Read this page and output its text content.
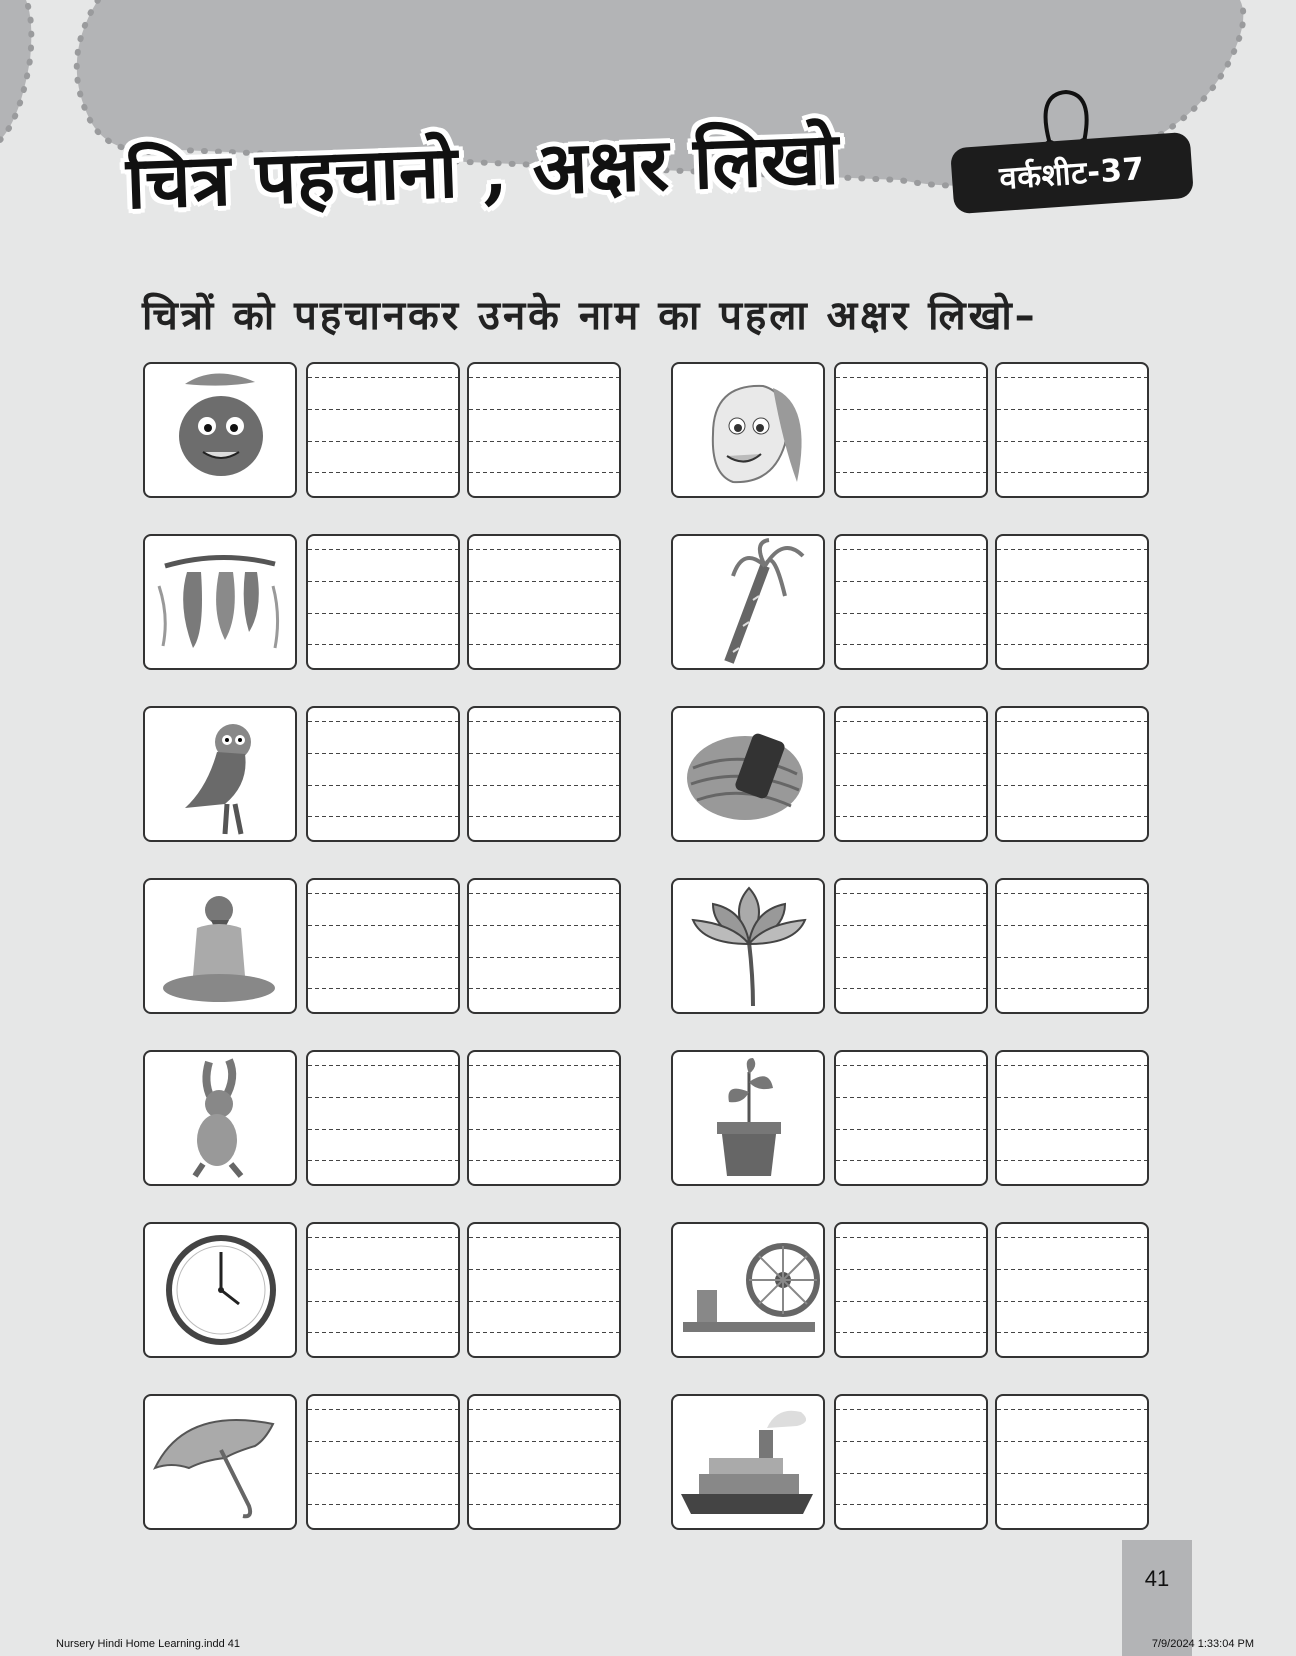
चित्र पहचानो , अक्षर लिखो	वर्कशीट-37
चित्रों को पहचानकर उनके नाम का पहला अक्षर लिखो–
41
Nursery Hindi Home Learning.indd 41	7/9/2024 1:33:04 PM
